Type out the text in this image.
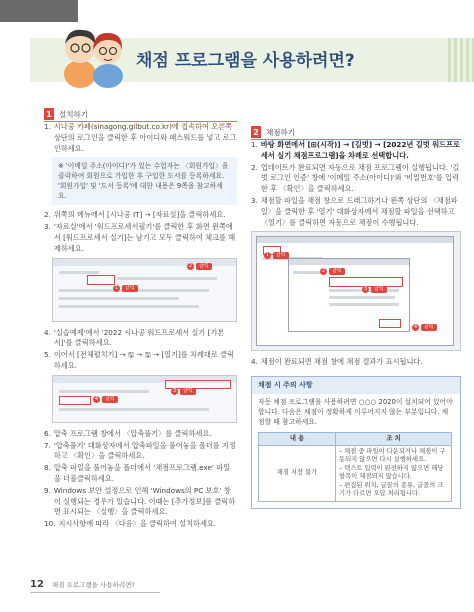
채점 프로그램을 사용하려면?
1 설치하기
1. 시나공 카페(sinagong.gilbut.co.kr)에 접속하여 오른쪽 상단의 로그인을 클릭한 후 아이디와 패스워드를 넣고 로그인하세요.
※ '이메일 주소(아이디)'가 있는 수험자는 〈회원가입〉을 클릭하여 회원으로 가입한 후 구입한 도서를 등록하세요. '회원가입' 및 '도서 등록'에 대한 내용은 9쪽을 참고하세요.
2. 위쪽의 메뉴에서 [시나공 IT] → [자료실]을 클릭하세요.
3. '자료실'에서 '워드프로세서필기'를 클릭한 후 화면 왼쪽에서 [워드프로세서 실기]는 남기고 모두 클릭하여 체크를 해제하세요.
1	클릭
2	클릭
4. '실습예제'에서 '2022 시나공 워드프로세서 실기 [기본서]'를 클릭하세요.
5. 이어서 [전체펼치기] → 🖫 → 🖫 → [열기]를 차례대로 클릭하세요.
3	클릭
4	클릭
6. 압축 프로그램 창에서 〈압축풀기〉를 클릭하세요.
7. '압축풀기' 대화상자에서 압축파일을 풀어놓을 폴더를 지정하고 〈확인〉을 클릭하세요.
8. 압축 파일을 풀어놓을 폴더에서 '채점프로그램.exe' 파일을 더블클릭하세요.
9. Windows 보안 설정으로 인해 'Windows의 PC 보호' 창이 실행되는 경우가 있습니다. 이때는 [추가정보]를 클릭하면 표시되는 〈실행〉을 클릭하세요.
10. 지시사항에 따라 〈다음〉을 클릭하여 설치하세요.
2 채점하기
1. 바탕 화면에서 [⊞(시작)] → [길벗] → [2022년 길벗 워드프로세서 실기 채점프로그램]을 차례로 선택합니다.
2. 업데이트가 완료되면 자동으로 채점 프로그램이 실행됩니다. '길벗 로그인 인증' 창에 '이메일 주소(아이디)'와 '비밀번호'를 입력한 후 〈확인〉을 클릭하세요.
3. 채점할 파일을 채점 창으로 드래그하거나 왼쪽 상단의 〈채점파일〉을 클릭한 후 '열기' 대화상자에서 채점할 파일을 선택하고 〈열기〉를 클릭하면 자동으로 채점이 수행됩니다.
1	클릭
2	클릭
3	클릭
4	클릭
4. 채점이 완료되면 채점 창에 채점 결과가 표시됩니다.
채점 시 주의 사항
자동 채점 프로그램을 사용하려면 ○○○ 2020이 설치되어 있어야 합니다. 다음은 채점이 정확하게 이루어지지 않는 부분입니다. 채점할 때 참고하세요.
내 용	조 치
채점 저장 불가	– 채점 중 파일이 다운되거나 채점이 구동되지 않으면 다시 실행하세요.
– 텍스트 입력이 완전하지 않으면 해당 항목이 채점되지 않습니다.
– 편집된 위치, 글꼴의 종류, 글꼴의 크기가 다르면 오답 처리됩니다.
12 채점 프로그램을 사용하려면?
